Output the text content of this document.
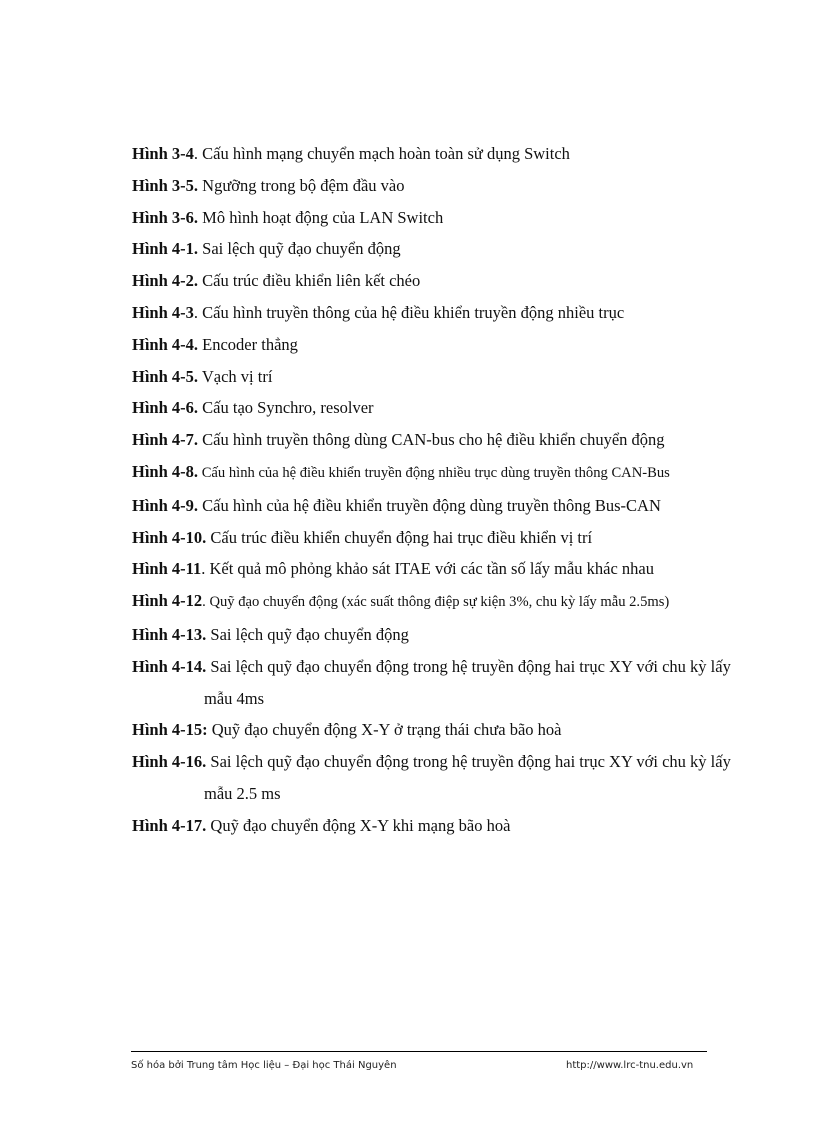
Hình 3-4. Cấu hình mạng chuyển mạch hoàn toàn sử dụng Switch
Hình 3-5. Ngưỡng trong bộ đệm đầu vào
Hình 3-6. Mô hình hoạt động của LAN Switch
Hình 4-1. Sai lệch quỹ đạo chuyển động
Hình 4-2. Cấu trúc điều khiển liên kết chéo
Hình 4-3. Cấu hình truyền thông của hệ điều khiển truyền động nhiều trục
Hình 4-4. Encoder thẳng
Hình 4-5. Vạch vị trí
Hình 4-6. Cấu tạo Synchro, resolver
Hình 4-7. Cấu hình truyền thông dùng CAN-bus cho hệ điều khiển chuyển động
Hình 4-8. Cấu hình của hệ điều khiển truyền động nhiều trục dùng truyền thông CAN-Bus
Hình 4-9. Cấu hình của hệ điều khiển truyền động dùng truyền thông Bus-CAN
Hình 4-10. Cấu trúc điều khiển chuyển động hai trục điều khiển vị trí
Hình 4-11. Kết quả mô phỏng khảo sát ITAE với các tần số lấy mẫu khác nhau
Hình 4-12. Quỹ đạo chuyển động (xác suất thông điệp sự kiện 3%, chu kỳ lấy mẫu 2.5ms)
Hình 4-13. Sai lệch quỹ đạo chuyển động
Hình 4-14. Sai lệch quỹ đạo chuyển động trong hệ truyền động hai trục XY với chu kỳ lấy mẫu 4ms
Hình 4-15: Quỹ đạo chuyển động X-Y ở trạng thái chưa bão hoà
Hình 4-16. Sai lệch quỹ đạo chuyển động trong hệ truyền động hai trục XY với chu kỳ lấy mẫu 2.5 ms
Hình 4-17. Quỹ đạo chuyển động X-Y khi mạng bão hoà
Số hóa bởi Trung tâm Học liệu – Đại học Thái Nguyên	http://www.lrc-tnu.edu.vn
